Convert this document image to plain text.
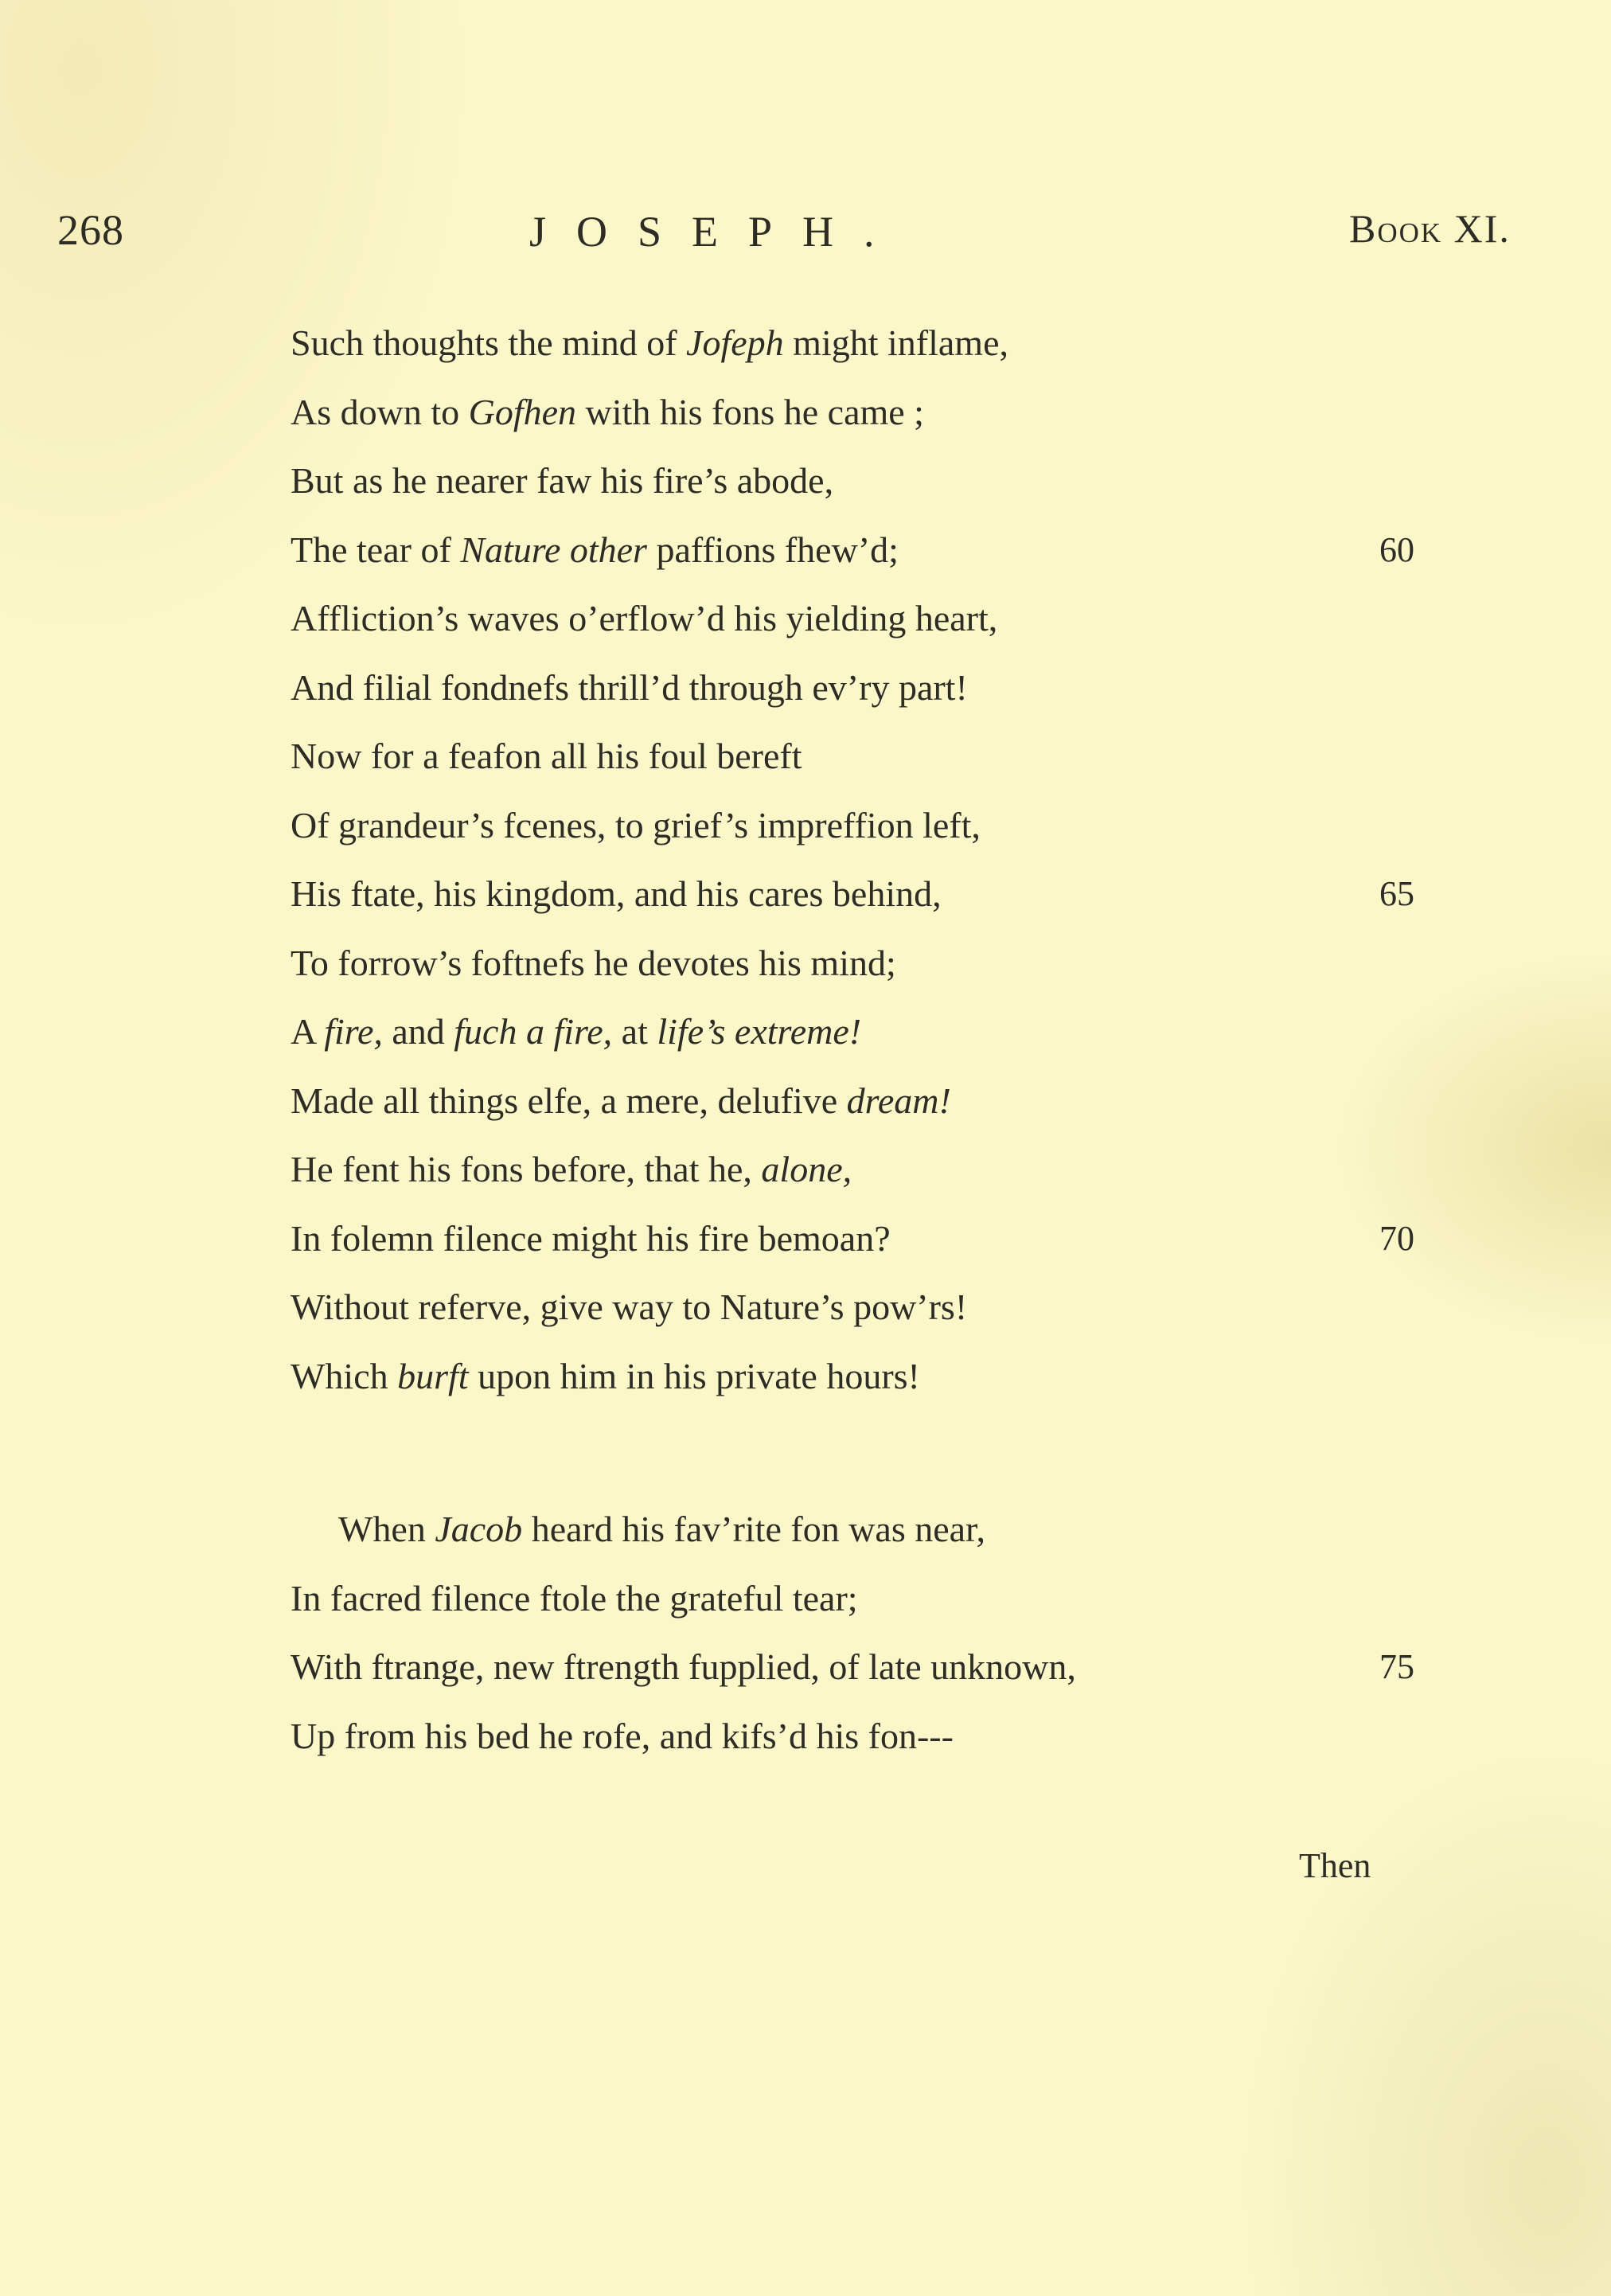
268	JOSEPH.	Book XI.
Such thoughts the mind of Jofeph might inflame,
As down to Gofhen with his fons he came ;
But as he nearer faw his fire’s abode,
The tear of Nature other paffions fhew’d;	60
Affliction’s waves o’erflow’d his yielding heart,
And filial fondnefs thrill’d through ev’ry part!
Now for a feafon all his foul bereft
Of grandeur’s fcenes, to grief’s impreffion left,
His ftate, his kingdom, and his cares behind,	65
To forrow’s foftnefs he devotes his mind;
A fire, and fuch a fire, at life’s extreme!
Made all things elfe, a mere, delufive dream!
He fent his fons before, that he, alone,
In folemn filence might his fire bemoan?	70
Without referve, give way to Nature’s pow’rs!
Which burft upon him in his private hours!
When Jacob heard his fav’rite fon was near,
In facred filence ftole the grateful tear;
With ftrange, new ftrength fupplied, of late unknown,	75
Up from his bed he rofe, and kifs’d his fon---
Then
